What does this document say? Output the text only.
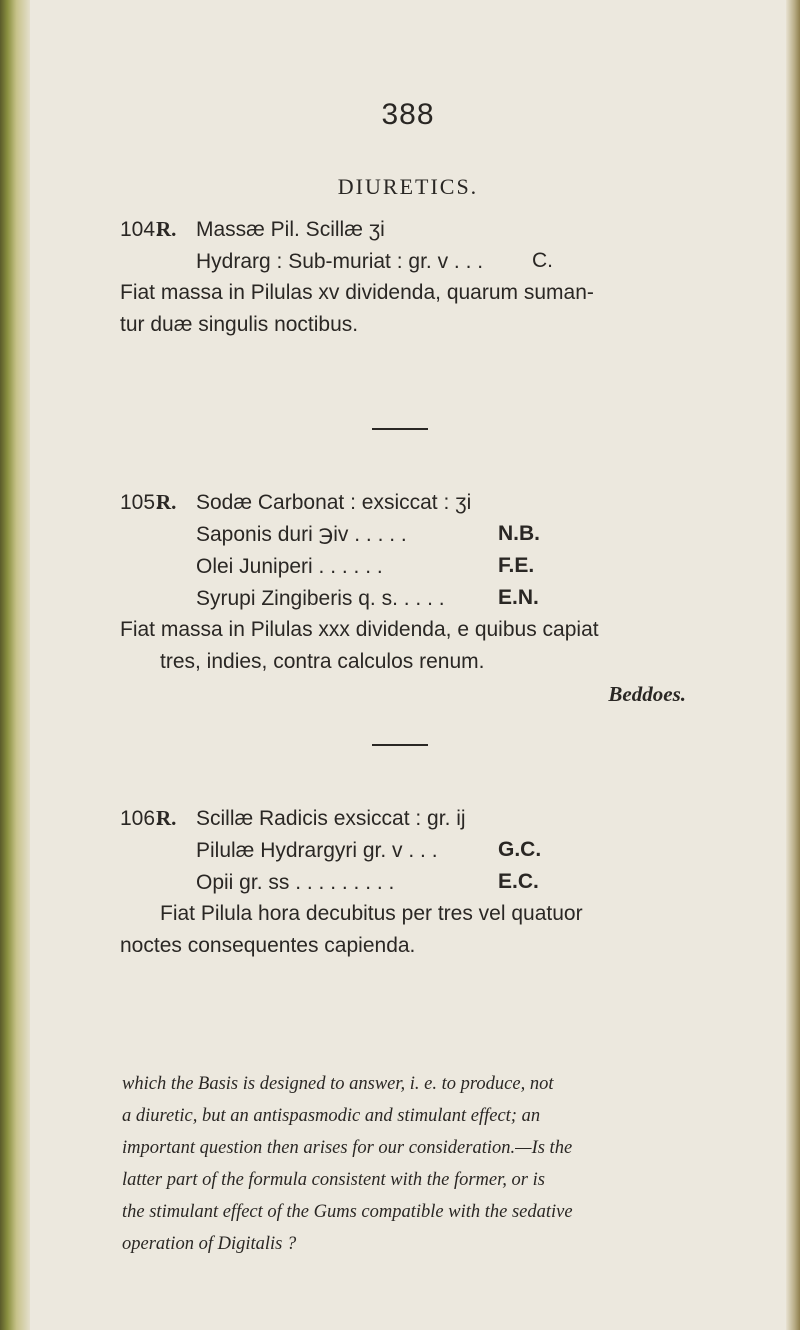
388
DIURETICS.
104.R. Massæ Pil. Scillæ ʒi
Hydrarg : Sub-muriat : gr. v . . . C.
Fiat massa in Pilulas xv dividenda, quarum suman-
tur duæ singulis noctibus.
105.R. Sodæ Carbonat : exsiccat : ʒi
Saponis duri ℈iv . . . . .	N.B.
Olei Juniperi . . . . . .	F.E.
Syrupi Zingiberis q. s. . . . .	E.N.
Fiat massa in Pilulas xxx dividenda, e quibus capiat
tres, indies, contra calculos renum.
Beddoes.
106.R. Scillæ Radicis exsiccat : gr. ij
Pilulæ Hydrargyri gr. v . . .	G.C.
Opii gr. ss . . . . . . . . .	E.C.
Fiat Pilula hora decubitus per tres vel quatuor
noctes consequentes capienda.
which the Basis is designed to answer, i. e. to produce, not
a diuretic, but an antispasmodic and stimulant effect; an
important question then arises for our consideration.—Is the
latter part of the formula consistent with the former, or is
the stimulant effect of the Gums compatible with the sedative
operation of Digitalis ?
